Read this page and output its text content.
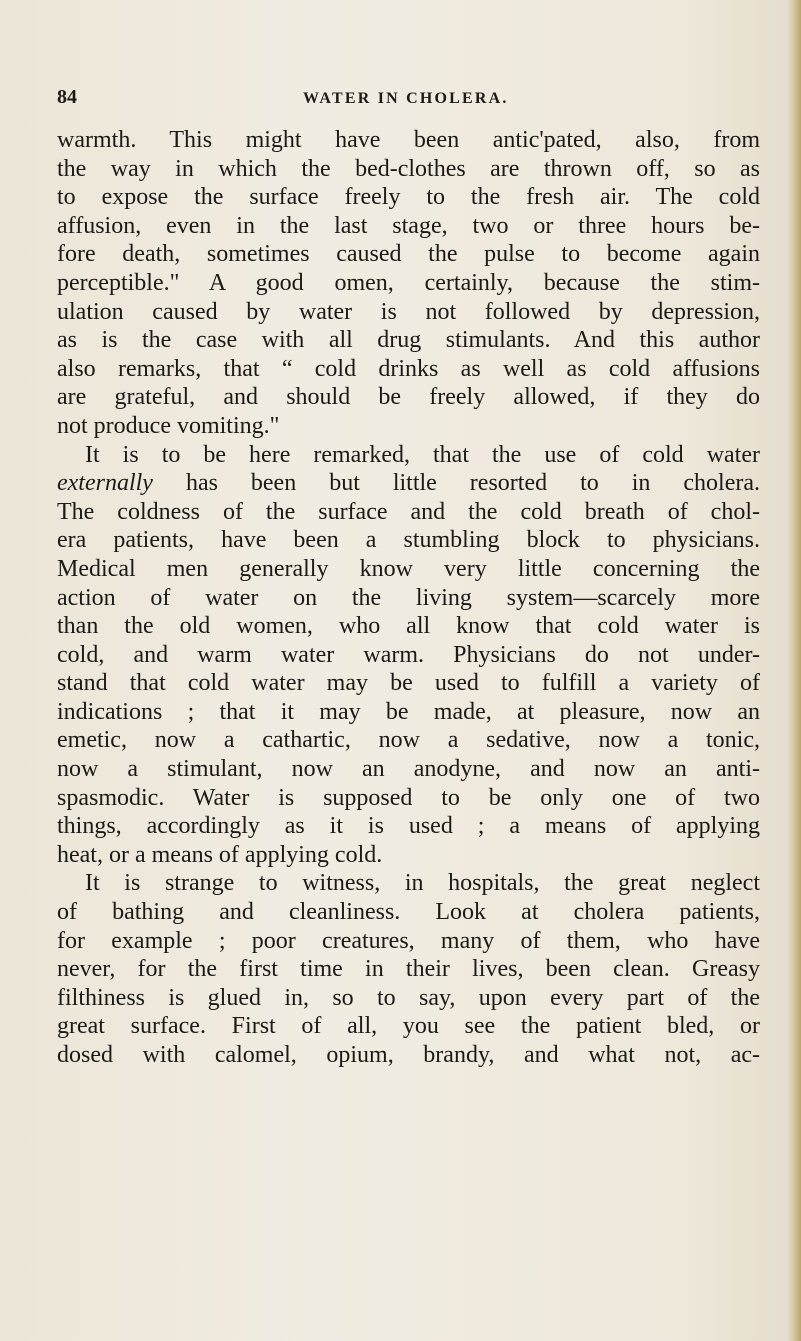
84	WATER IN CHOLERA.
warmth. This might have been antic'pated, also, from
the way in which the bed-clothes are thrown off, so as
to expose the surface freely to the fresh air. The cold
affusion, even in the last stage, two or three hours be-
fore death, sometimes caused the pulse to become again
perceptible." A good omen, certainly, because the stim-
ulation caused by water is not followed by depression,
as is the case with all drug stimulants. And this author
also remarks, that “ cold drinks as well as cold affusions
are grateful, and should be freely allowed, if they do
not produce vomiting."
It is to be here remarked, that the use of cold water
externally has been but little resorted to in cholera.
The coldness of the surface and the cold breath of chol-
era patients, have been a stumbling block to physicians.
Medical men generally know very little concerning the
action of water on the living system—scarcely more
than the old women, who all know that cold water is
cold, and warm water warm. Physicians do not under-
stand that cold water may be used to fulfill a variety of
indications ; that it may be made, at pleasure, now an
emetic, now a cathartic, now a sedative, now a tonic,
now a stimulant, now an anodyne, and now an anti-
spasmodic. Water is supposed to be only one of two
things, accordingly as it is used ; a means of applying
heat, or a means of applying cold.
It is strange to witness, in hospitals, the great neglect
of bathing and cleanliness. Look at cholera patients,
for example ; poor creatures, many of them, who have
never, for the first time in their lives, been clean. Greasy
filthiness is glued in, so to say, upon every part of the
great surface. First of all, you see the patient bled, or
dosed with calomel, opium, brandy, and what not, ac-
